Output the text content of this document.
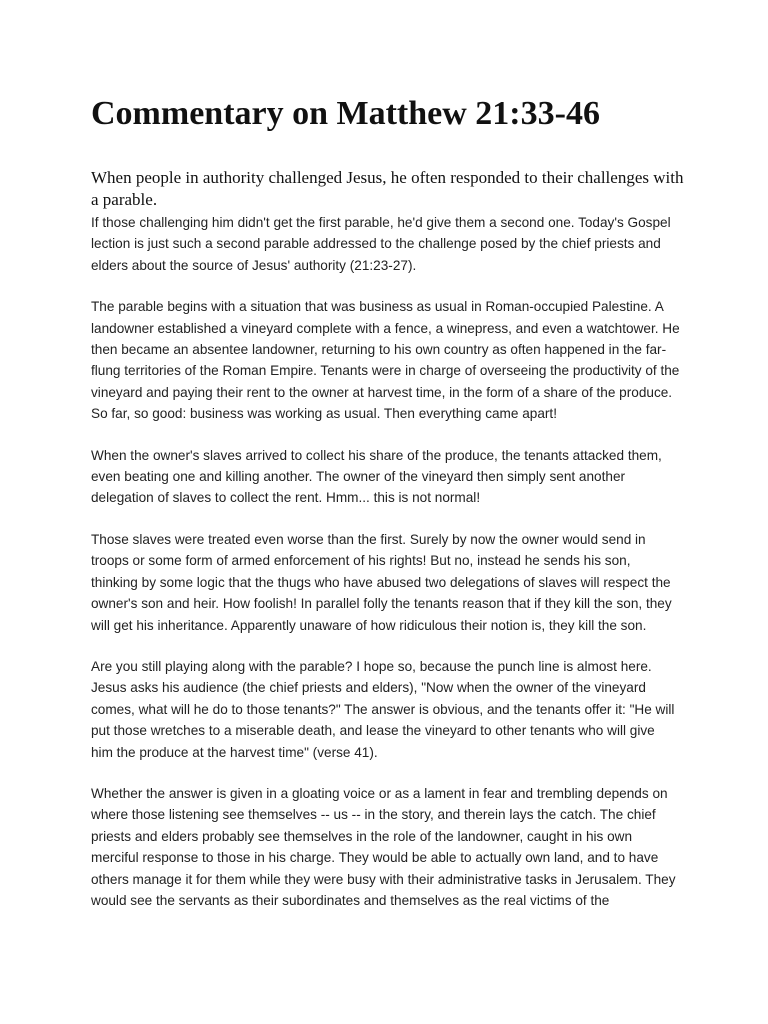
Commentary on Matthew 21:33-46

When people in authority challenged Jesus, he often responded to their challenges with a parable.

If those challenging him didn't get the first parable, he'd give them a second one. Today's Gospel lection is just such a second parable addressed to the challenge posed by the chief priests and elders about the source of Jesus' authority (21:23-27).

The parable begins with a situation that was business as usual in Roman-occupied Palestine. A landowner established a vineyard complete with a fence, a winepress, and even a watchtower. He then became an absentee landowner, returning to his own country as often happened in the far-flung territories of the Roman Empire. Tenants were in charge of overseeing the productivity of the vineyard and paying their rent to the owner at harvest time, in the form of a share of the produce. So far, so good: business was working as usual. Then everything came apart!

When the owner's slaves arrived to collect his share of the produce, the tenants attacked them, even beating one and killing another. The owner of the vineyard then simply sent another delegation of slaves to collect the rent. Hmm... this is not normal!

Those slaves were treated even worse than the first. Surely by now the owner would send in troops or some form of armed enforcement of his rights! But no, instead he sends his son, thinking by some logic that the thugs who have abused two delegations of slaves will respect the owner's son and heir. How foolish! In parallel folly the tenants reason that if they kill the son, they will get his inheritance. Apparently unaware of how ridiculous their notion is, they kill the son.

Are you still playing along with the parable? I hope so, because the punch line is almost here. Jesus asks his audience (the chief priests and elders), "Now when the owner of the vineyard comes, what will he do to those tenants?" The answer is obvious, and the tenants offer it: "He will put those wretches to a miserable death, and lease the vineyard to other tenants who will give him the produce at the harvest time" (verse 41).

Whether the answer is given in a gloating voice or as a lament in fear and trembling depends on where those listening see themselves -- us -- in the story, and therein lays the catch. The chief priests and elders probably see themselves in the role of the landowner, caught in his own merciful response to those in his charge. They would be able to actually own land, and to have others manage it for them while they were busy with their administrative tasks in Jerusalem. They would see the servants as their subordinates and themselves as the real victims of the
